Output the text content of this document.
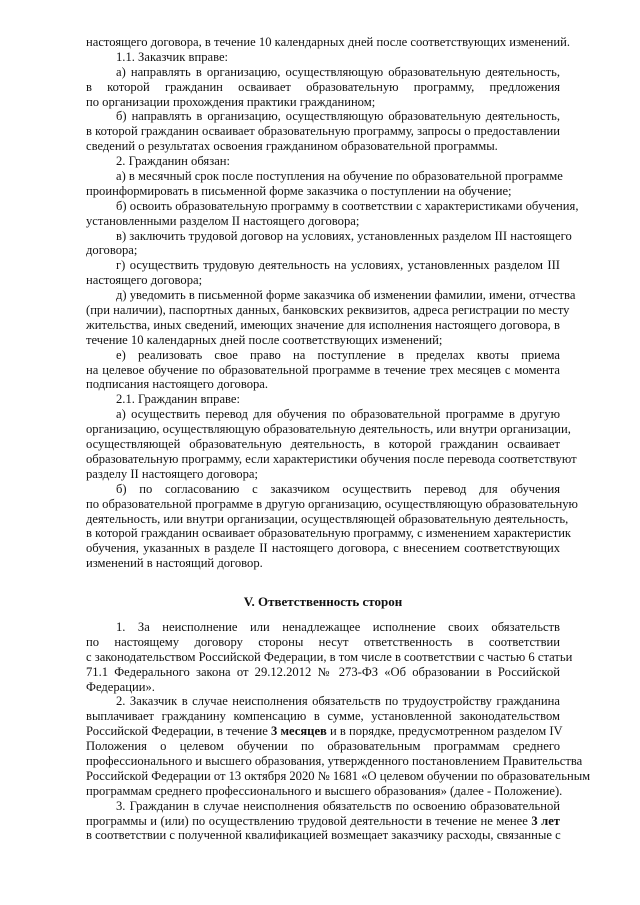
настоящего договора, в течение 10 календарных дней после соответствующих изменений.
1.1. Заказчик вправе:
а) направлять в организацию, осуществляющую образовательную деятельность,
в которой гражданин осваивает образовательную программу, предложения
по организации прохождения практики гражданином;
б) направлять в организацию, осуществляющую образовательную деятельность,
в которой гражданин осваивает образовательную программу, запросы о предоставлении
сведений о результатах освоения гражданином образовательной программы.
2. Гражданин обязан:
а) в месячный срок после поступления на обучение по образовательной программе
проинформировать в письменной форме заказчика о поступлении на обучение;
б) освоить образовательную программу в соответствии с характеристиками обучения,
установленными разделом II настоящего договора;
в) заключить трудовой договор на условиях, установленных разделом III настоящего
договора;
г) осуществить трудовую деятельность на условиях, установленных разделом III
настоящего договора;
д) уведомить в письменной форме заказчика об изменении фамилии, имени, отчества
(при наличии), паспортных данных, банковских реквизитов, адреса регистрации по месту
жительства, иных сведений, имеющих значение для исполнения настоящего договора, в
течение 10 календарных дней после соответствующих изменений;
е) реализовать свое право на поступление в пределах квоты приема
на целевое обучение по образовательной программе в течение трех месяцев с момента
подписания настоящего договора.
2.1. Гражданин вправе:
а) осуществить перевод для обучения по образовательной программе в другую
организацию, осуществляющую образовательную деятельность, или внутри организации,
осуществляющей образовательную деятельность, в которой гражданин осваивает
образовательную программу, если характеристики обучения после перевода соответствуют
разделу II настоящего договора;
б) по согласованию с заказчиком осуществить перевод для обучения
по образовательной программе в другую организацию, осуществляющую образовательную
деятельность, или внутри организации, осуществляющей образовательную деятельность,
в которой гражданин осваивает образовательную программу, с изменением характеристик
обучения, указанных в разделе II настоящего договора, с внесением соответствующих
изменений в настоящий договор.
V. Ответственность сторон
1. За неисполнение или ненадлежащее исполнение своих обязательств
по настоящему договору стороны несут ответственность в соответствии
с законодательством Российской Федерации, в том числе в соответствии с частью 6 статьи
71.1 Федерального закона от 29.12.2012 № 273-ФЗ «Об образовании в Российской
Федерации».
2. Заказчик в случае неисполнения обязательств по трудоустройству гражданина
выплачивает гражданину компенсацию в сумме, установленной законодательством
Российской Федерации, в течение 3 месяцев и в порядке, предусмотренном разделом IV
Положения о целевом обучении по образовательным программам среднего
профессионального и высшего образования, утвержденного постановлением Правительства
Российской Федерации от 13 октября 2020 № 1681 «О целевом обучении по образовательным
программам среднего профессионального и высшего образования» (далее - Положение).
3. Гражданин в случае неисполнения обязательств по освоению образовательной
программы и (или) по осуществлению трудовой деятельности в течение не менее 3 лет
в соответствии с полученной квалификацией возмещает заказчику расходы, связанные с
